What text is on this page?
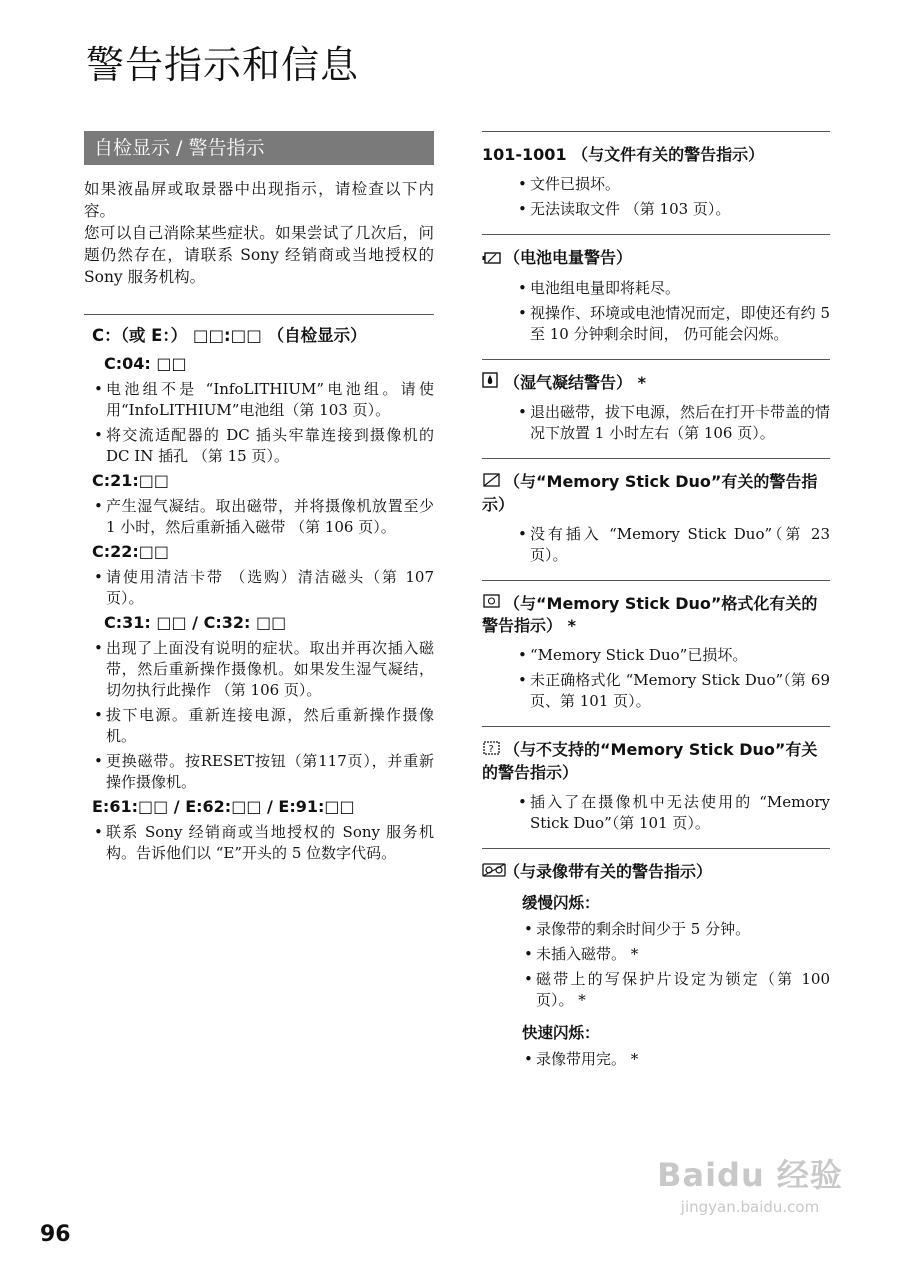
警告指示和信息
自检显示 / 警告指示
如果液晶屏或取景器中出现指示，请检查以下内容。
您可以自己消除某些症状。如果尝试了几次后，问题仍然存在，请联系 Sony 经销商或当地授权的 Sony 服务机构。
C：（或 E：） □□:□□ （自检显示）
C:04: □□
• 电池组不是 “InfoLITHIUM”电池组。请使用“InfoLITHIUM”电池组（第 103 页）。
• 将交流适配器的 DC 插头牢靠连接到摄像机的 DC IN 插孔 （第 15 页）。
C:21:□□
• 产生湿气凝结。取出磁带，并将摄像机放置至少 1 小时，然后重新插入磁带 （第 106 页）。
C:22:□□
• 请使用清洁卡带 （选购）清洁磁头（第 107 页）。
C:31: □□ / C:32: □□
• 出现了上面没有说明的症状。取出并再次插入磁带，然后重新操作摄像机。如果发生湿气凝结，切勿执行此操作 （第 106 页）。
• 拔下电源。重新连接电源，然后重新操作摄像机。
• 更换磁带。按RESET按钮（第117页），并重新操作摄像机。
E:61:□□ / E:62:□□ / E:91:□□
• 联系 Sony 经销商或当地授权的 Sony 服务机构。告诉他们以 “E”开头的 5 位数字代码。
101-1001 （与文件有关的警告指示）
• 文件已损坏。
• 无法读取文件 （第 103 页）。
（电池电量警告）
• 电池组电量即将耗尽。
• 视操作、环境或电池情况而定，即使还有约 5 至 10 分钟剩余时间， 仍可能会闪烁。
（湿气凝结警告） *
• 退出磁带，拔下电源，然后在打开卡带盖的情况下放置 1 小时左右（第 106 页）。
（与“Memory Stick Duo”有关的警告指示）
• 没有插入 “Memory Stick Duo”（第 23 页）。
（与“Memory Stick Duo”格式化有关的警告指示） *
• “Memory Stick Duo”已损坏。
• 未正确格式化 “Memory Stick Duo”（第 69 页、第 101 页）。
? （与不支持的“Memory Stick Duo”有关的警告指示）
• 插入了在摄像机中无法使用的 “Memory Stick Duo”（第 101 页）。
（与录像带有关的警告指示）
缓慢闪烁：
• 录像带的剩余时间少于 5 分钟。
• 未插入磁带。 *
• 磁带上的写保护片设定为锁定（第 100 页）。 *
快速闪烁：
• 录像带用完。 *
96
Baidu 经验
jingyan.baidu.com
